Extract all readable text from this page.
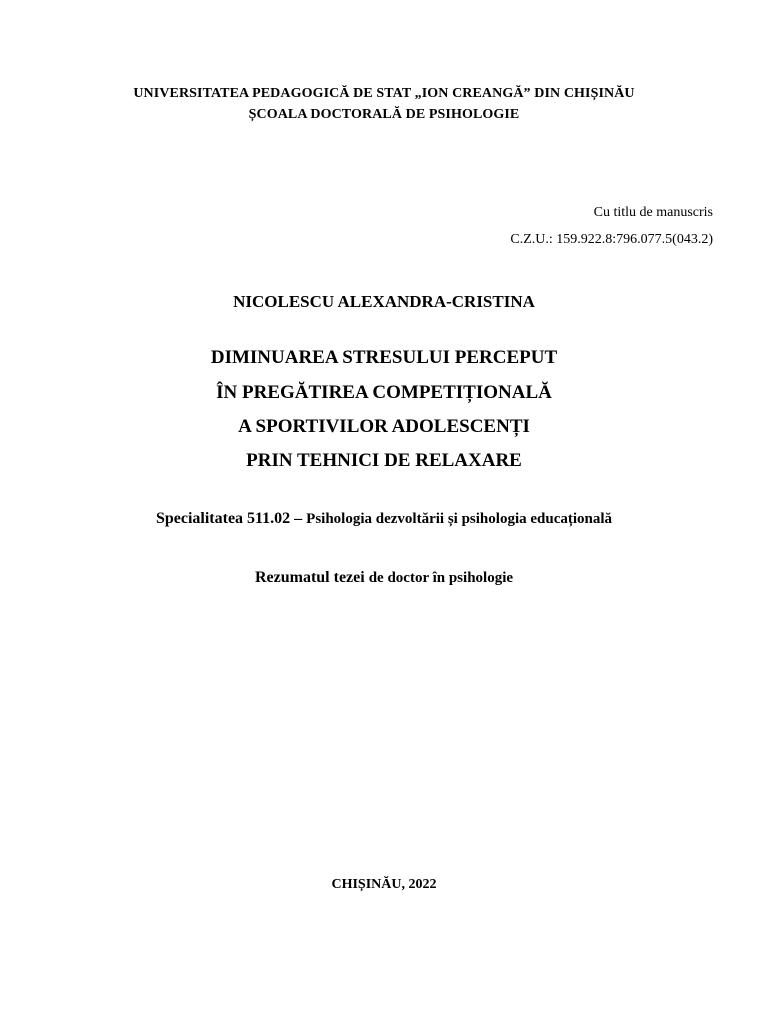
UNIVERSITATEA PEDAGOGICĂ DE STAT „ION CREANGĂ” DIN CHIȘINĂU
ȘCOALA DOCTORALĂ DE PSIHOLOGIE
Cu titlu de manuscris
C.Z.U.: 159.922.8:796.077.5(043.2)
NICOLESCU ALEXANDRA-CRISTINA
DIMINUAREA STRESULUI PERCEPUT
ÎN PREGĂTIREA COMPETIȚIONALĂ
A SPORTIVILOR ADOLESCENȚI
PRIN TEHNICI DE RELAXARE
Specialitatea 511.02 – Psihologia dezvoltării și psihologia educațională
Rezumatul tezei de doctor în psihologie
CHIȘINĂU, 2022
